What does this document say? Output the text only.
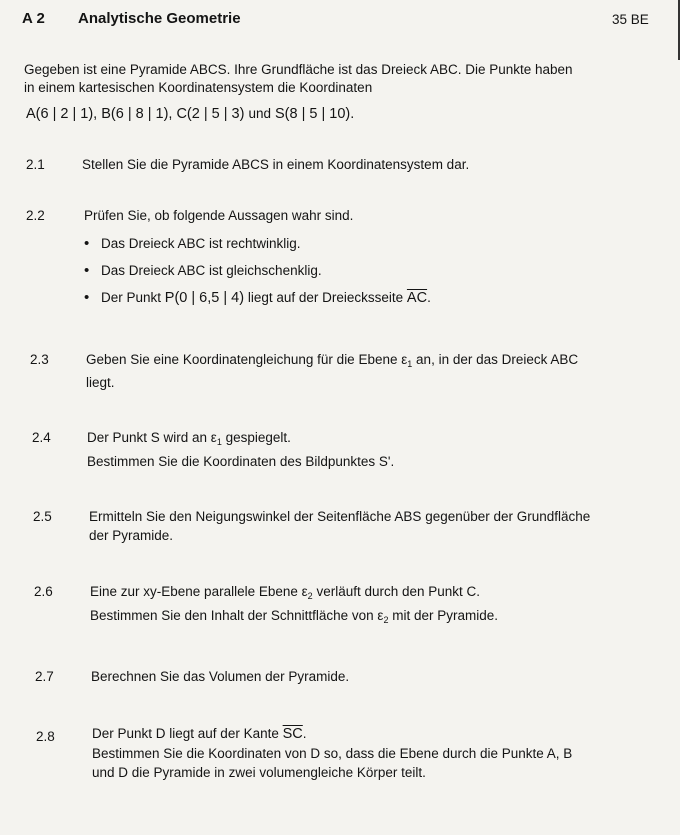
A 2 Analytische Geometrie	35 BE
Gegeben ist eine Pyramide ABCS. Ihre Grundfläche ist das Dreieck ABC. Die Punkte haben
in einem kartesischen Koordinatensystem die Koordinaten
A(6 | 2 | 1), B(6 | 8 | 1), C(2 | 5 | 3) und S(8 | 5 | 10).
2.1	Stellen Sie die Pyramide ABCS in einem Koordinatensystem dar.
2.2	Prüfen Sie, ob folgende Aussagen wahr sind.
• Das Dreieck ABC ist rechtwinklig.
• Das Dreieck ABC ist gleichschenklig.
• Der Punkt P(0 | 6,5 | 4) liegt auf der Dreiecksseite $\overline{AC}$.
2.3	Geben Sie eine Koordinatengleichung für die Ebene $\varepsilon_1$ an, in der das Dreieck ABC
liegt.
2.4	Der Punkt S wird an $\varepsilon_1$ gespiegelt.
Bestimmen Sie die Koordinaten des Bildpunktes S'.
2.5	Ermitteln Sie den Neigungswinkel der Seitenfläche ABS gegenüber der Grundfläche
der Pyramide.
2.6	Eine zur xy-Ebene parallele Ebene $\varepsilon_2$ verläuft durch den Punkt C.
Bestimmen Sie den Inhalt der Schnittfläche von $\varepsilon_2$ mit der Pyramide.
2.7	Berechnen Sie das Volumen der Pyramide.
2.8	Der Punkt D liegt auf der Kante $\overline{SC}$.
Bestimmen Sie die Koordinaten von D so, dass die Ebene durch die Punkte A, B
und D die Pyramide in zwei volumengleiche Körper teilt.
